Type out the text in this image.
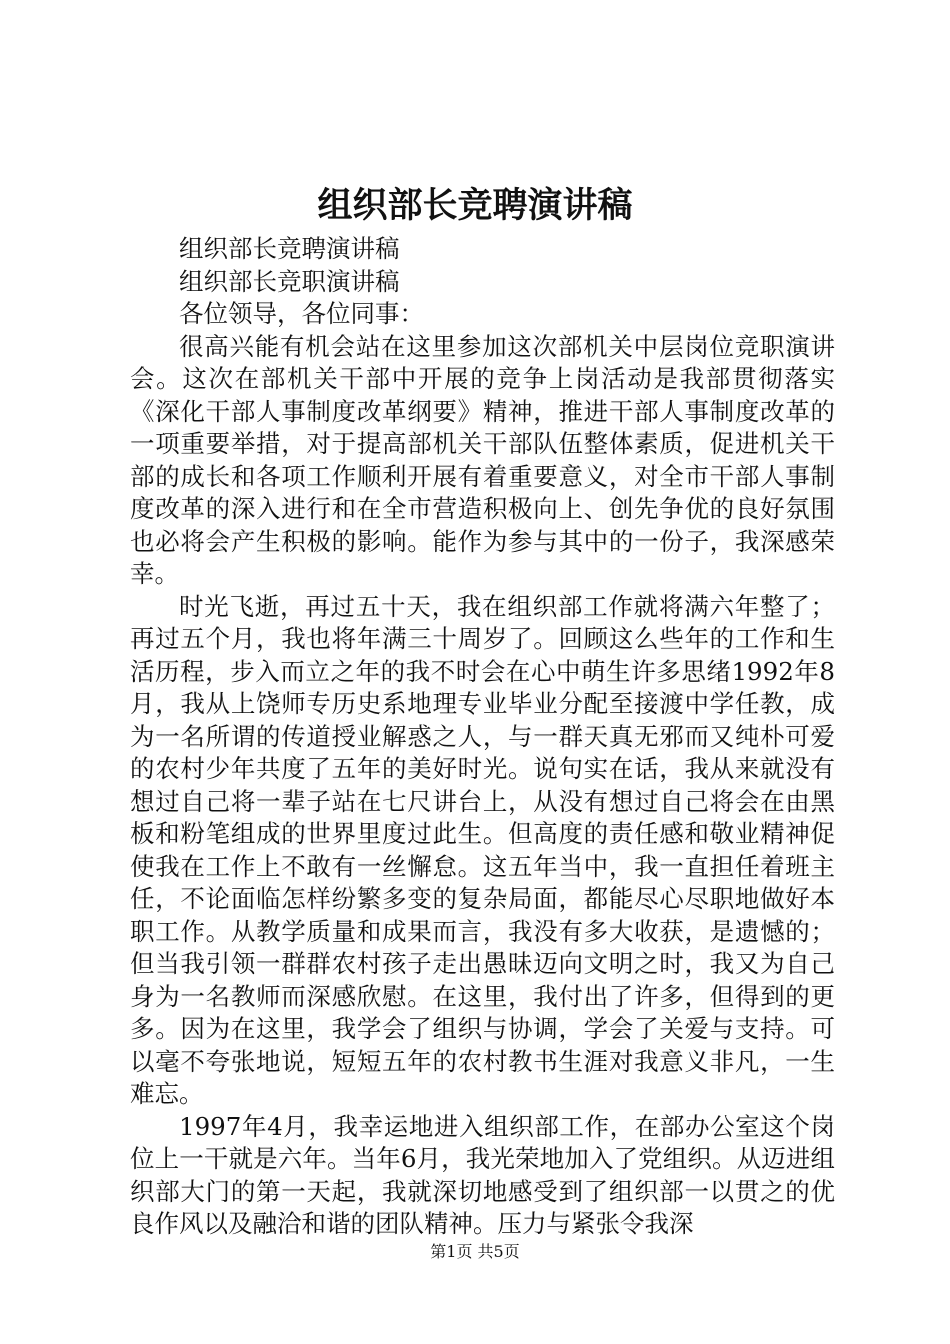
组织部长竞聘演讲稿

组织部长竞聘演讲稿

组织部长竞职演讲稿

各位领导，各位同事：

很高兴能有机会站在这里参加这次部机关中层岗位竞职演讲会。这次在部机关干部中开展的竞争上岗活动是我部贯彻落实《深化干部人事制度改革纲要》精神，推进干部人事制度改革的一项重要举措，对于提高部机关干部队伍整体素质，促进机关干部的成长和各项工作顺利开展有着重要意义，对全市干部人事制度改革的深入进行和在全市营造积极向上、创先争优的良好氛围也必将会产生积极的影响。能作为参与其中的一份子，我深感荣幸。

时光飞逝，再过五十天，我在组织部工作就将满六年整了；再过五个月，我也将年满三十周岁了。回顾这么些年的工作和生活历程，步入而立之年的我不时会在心中萌生许多思绪1992年8月，我从上饶师专历史系地理专业毕业分配至接渡中学任教，成为一名所谓的传道授业解惑之人，与一群天真无邪而又纯朴可爱的农村少年共度了五年的美好时光。说句实在话，我从来就没有想过自己将一辈子站在七尺讲台上，从没有想过自己将会在由黑板和粉笔组成的世界里度过此生。但高度的责任感和敬业精神促使我在工作上不敢有一丝懈怠。这五年当中，我一直担任着班主任，不论面临怎样纷繁多变的复杂局面，都能尽心尽职地做好本职工作。从教学质量和成果而言，我没有多大收获，是遗憾的；但当我引领一群群农村孩子走出愚昧迈向文明之时，我又为自己身为一名教师而深感欣慰。在这里，我付出了许多，但得到的更多。因为在这里，我学会了组织与协调，学会了关爱与支持。可以毫不夸张地说，短短五年的农村教书生涯对我意义非凡，一生难忘。

1997年4月，我幸运地进入组织部工作，在部办公室这个岗位上一干就是六年。当年6月，我光荣地加入了党组织。从迈进组织部大门的第一天起，我就深切地感受到了组织部一以贯之的优良作风以及融洽和谐的团队精神。压力与紧张令我深

第1页 共5页
